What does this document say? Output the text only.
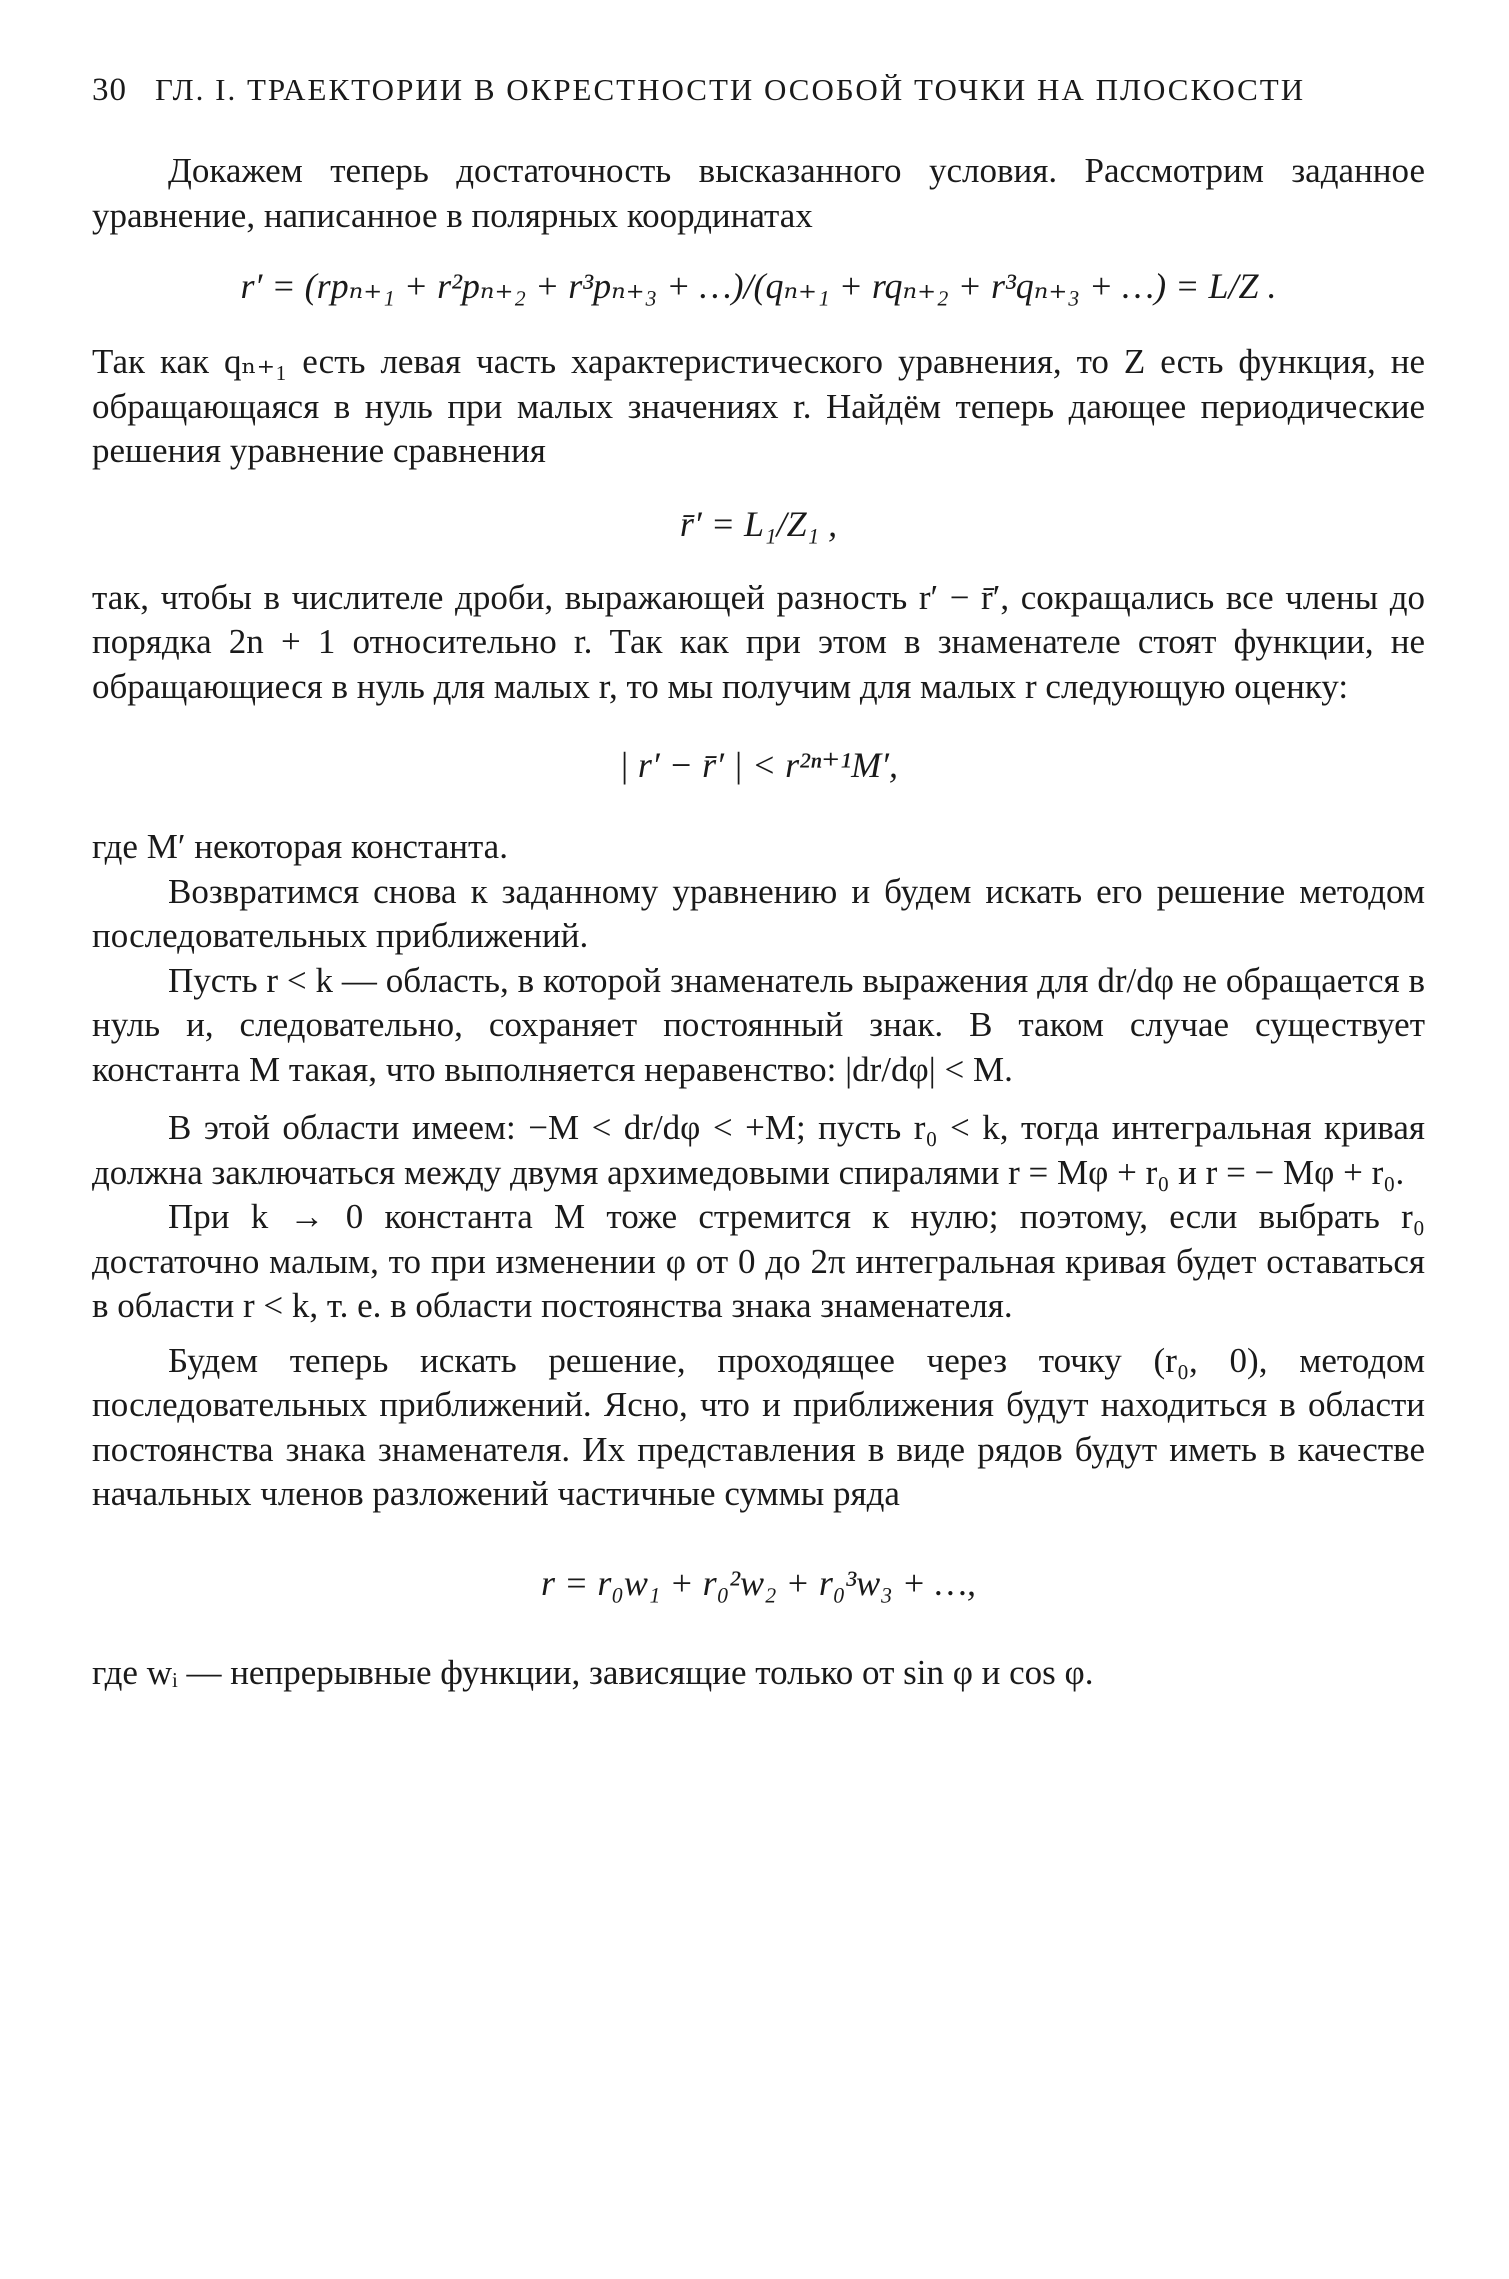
30 ГЛ. I. ТРАЕКТОРИИ В ОКРЕСТНОСТИ ОСОБОЙ ТОЧКИ НА ПЛОСКОСТИ

Докажем теперь достаточность высказанного условия. Рассмотрим заданное уравнение, написанное в полярных координатах

r′ = (rpₙ₊₁ + r²pₙ₊₂ + r³pₙ₊₃ + …)/(qₙ₊₁ + rqₙ₊₂ + r³qₙ₊₃ + …) = L/Z .

Так как qₙ₊₁ есть левая часть характеристического уравнения, то Z есть функция, не обращающаяся в нуль при малых значениях r. Найдём теперь дающее периодические решения уравнение сравнения

r̄′ = L₁/Z₁ ,

так, чтобы в числителе дроби, выражающей разность r′ − r̄′, сокращались все члены до порядка 2n + 1 относительно r. Так как при этом в знаменателе стоят функции, не обращающиеся в нуль для малых r, то мы получим для малых r следующую оценку:

| r′ − r̄′ | < r²ⁿ⁺¹M′,

где M′ некоторая константа.

Возвратимся снова к заданному уравнению и будем искать его решение методом последовательных приближений.

Пусть r < k — область, в которой знаменатель выражения для dr/dφ не обращается в нуль и, следовательно, сохраняет постоянный знак. В таком случае существует константа M такая, что выполняется неравенство: |dr/dφ| < M.

В этой области имеем: −M < dr/dφ < +M; пусть r₀ < k, тогда интегральная кривая должна заключаться между двумя архимедовыми спиралями r = Mφ + r₀ и r = − Mφ + r₀.

При k → 0 константа M тоже стремится к нулю; поэтому, если выбрать r₀ достаточно малым, то при изменении φ от 0 до 2π интегральная кривая будет оставаться в области r < k, т. е. в области постоянства знака знаменателя.

Будем теперь искать решение, проходящее через точку (r₀, 0), методом последовательных приближений. Ясно, что и приближения будут находиться в области постоянства знака знаменателя. Их представления в виде рядов будут иметь в качестве начальных членов разложений частичные суммы ряда

r = r₀w₁ + r₀²w₂ + r₀³w₃ + …,

где wᵢ — непрерывные функции, зависящие только от sin φ и cos φ.
